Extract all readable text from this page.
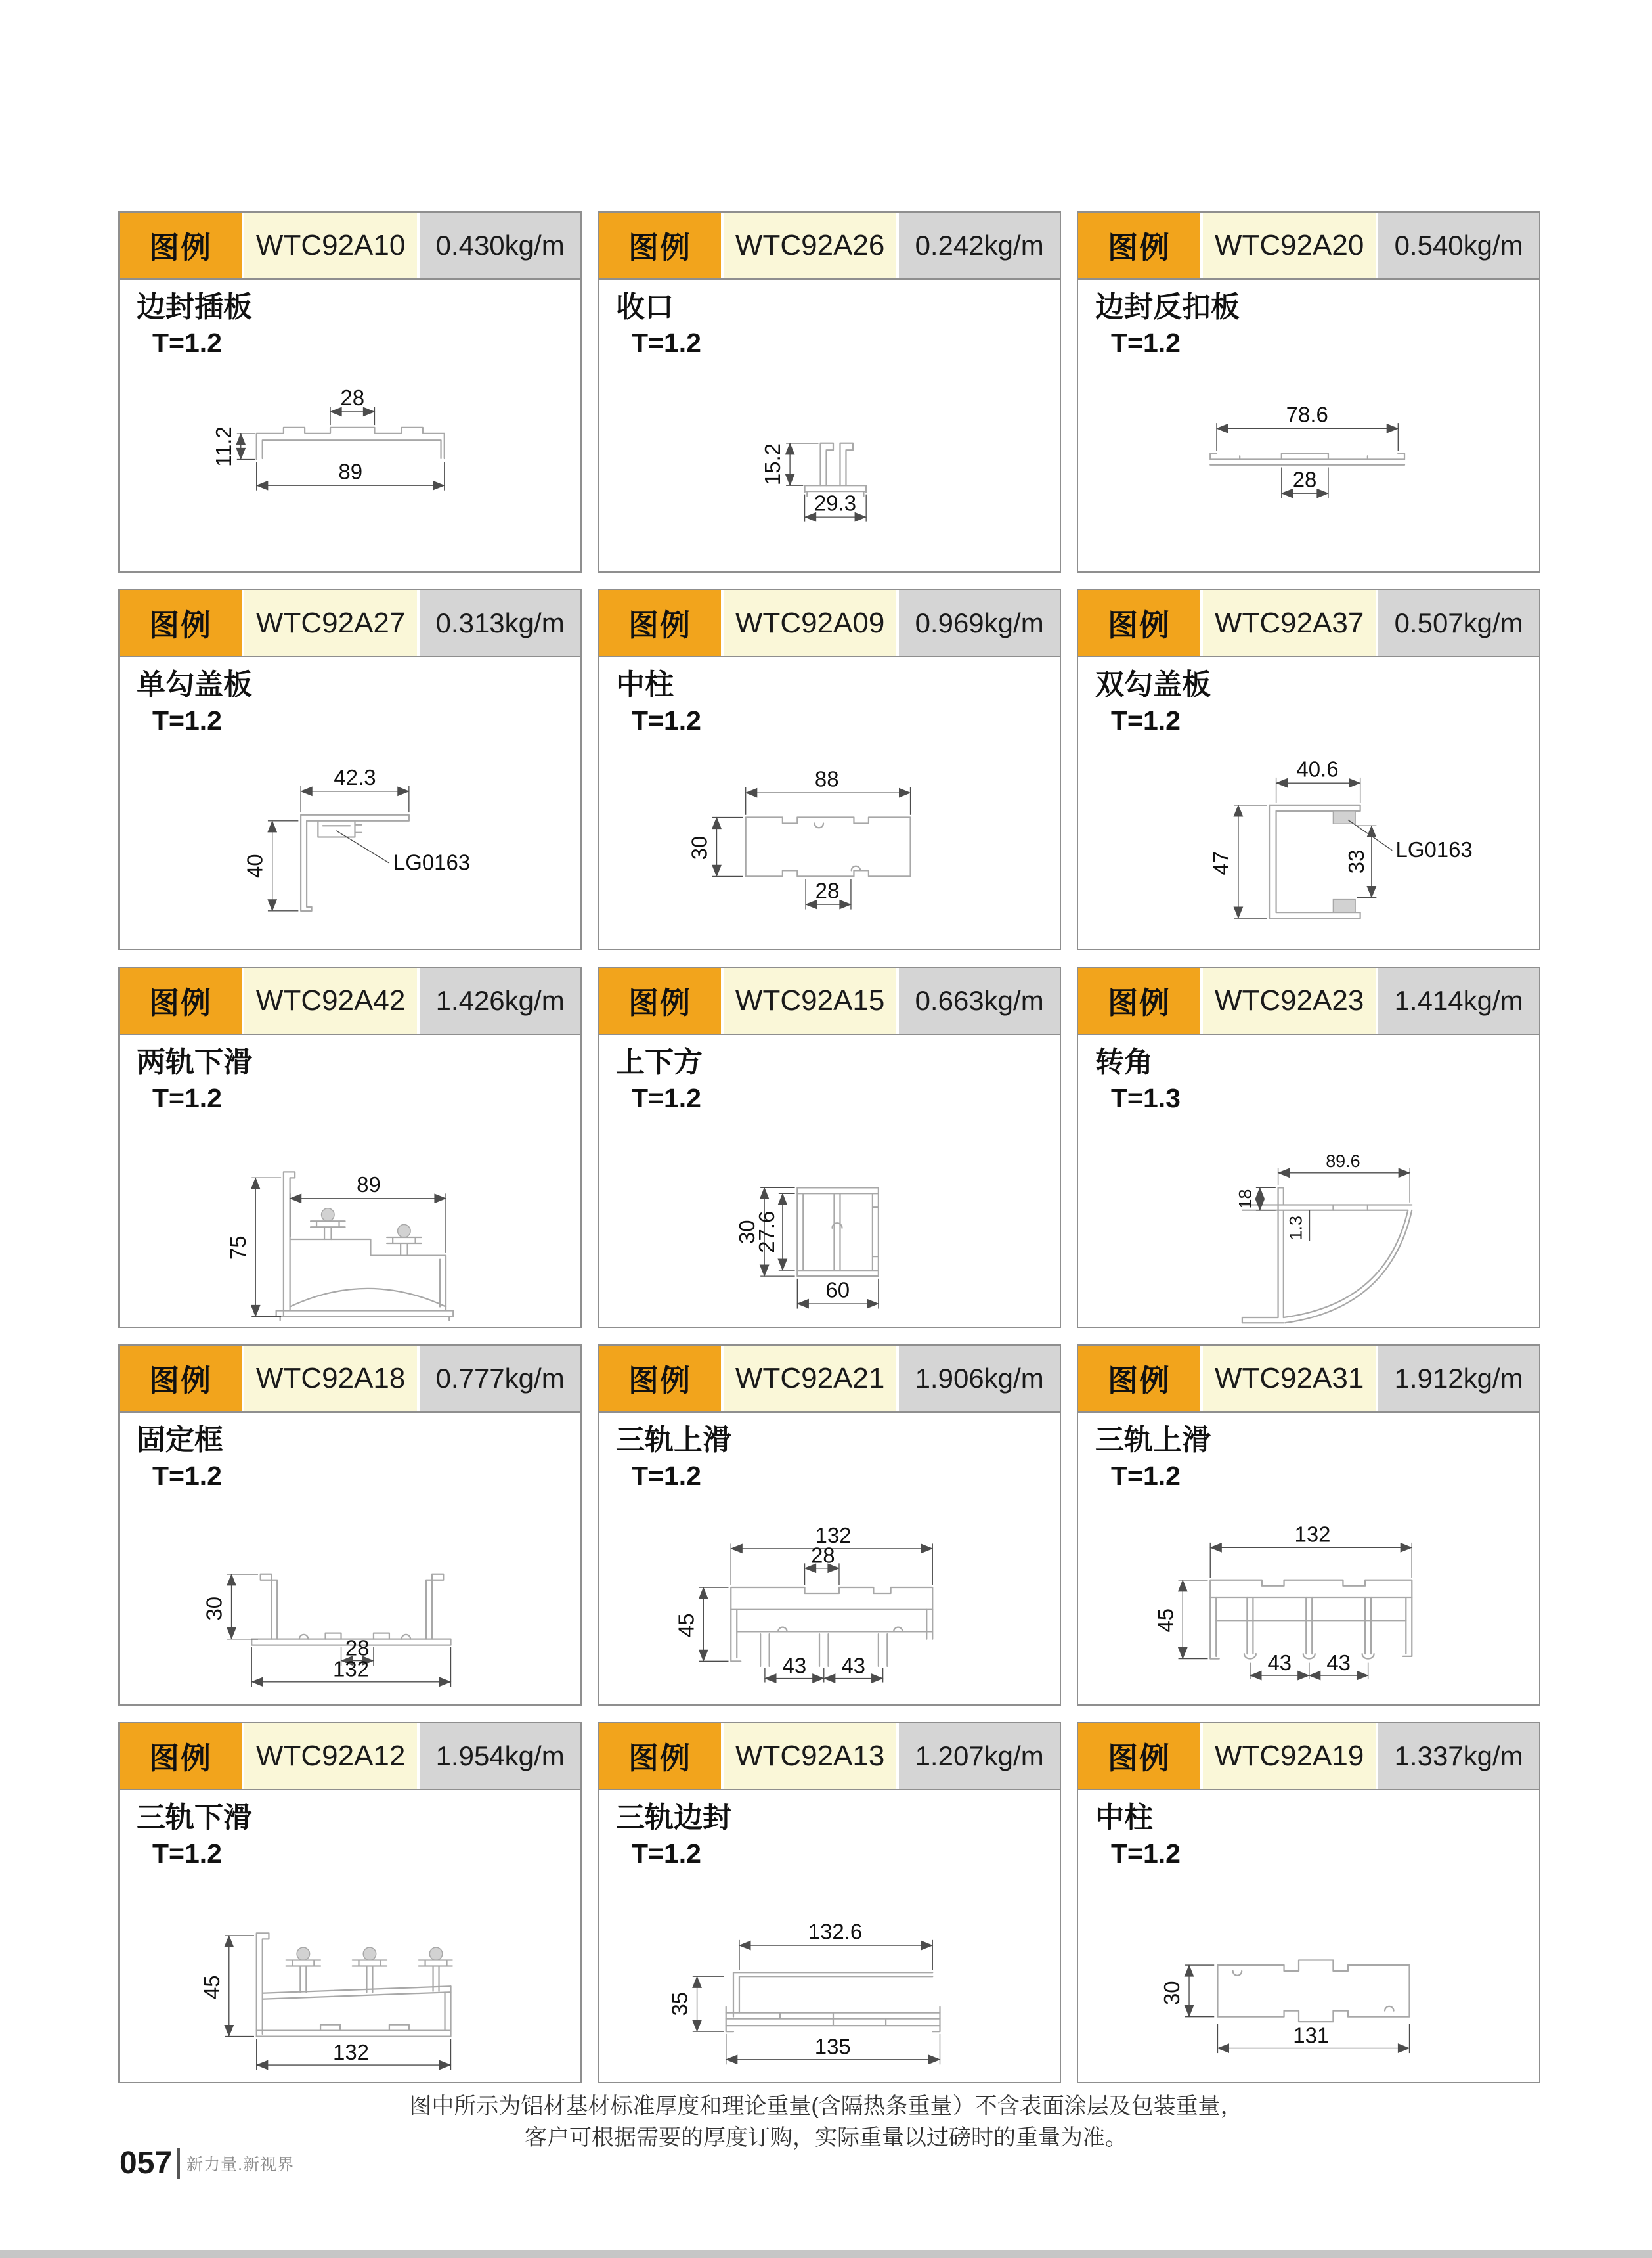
图例 WTC92A10 0.430kg/m
边封插板
T=1.2
11.2
28
89
图例 WTC92A26 0.242kg/m
收口
T=1.2
15.2
29.3
图例 WTC92A20 0.540kg/m
边封反扣板
T=1.2
78.6
28
图例 WTC92A27 0.313kg/m
单勾盖板
T=1.2
42.3
40	LG0163
图例 WTC92A09 0.969kg/m
中柱
T=1.2
88
30
28
图例 WTC92A37 0.507kg/m
双勾盖板
T=1.2
40.6
47	33 LG0163
图例 WTC92A42 1.426kg/m
两轨下滑
T=1.2
89
75
图例 WTC92A15 0.663kg/m
上下方
T=1.2
30
27.6
60
图例 WTC92A23 1.414kg/m
转角
T=1.3
89.6
18
1.3
图例 WTC92A18 0.777kg/m
固定框
T=1.2
30
28
132
图例 WTC92A21 1.906kg/m
三轨上滑
T=1.2
132
28
45
43 43
图例 WTC92A31 1.912kg/m
三轨上滑
T=1.2
132
45
43 43
图例 WTC92A12 1.954kg/m
三轨下滑
T=1.2
45
132
图例 WTC92A13 1.207kg/m
三轨边封
T=1.2
132.6
35
135
图例 WTC92A19 1.337kg/m
中柱
T=1.2
30
131
图中所示为铝材基材标准厚度和理论重量(含隔热条重量）不含表面涂层及包装重量，
客户可根据需要的厚度订购，实际重量以过磅时的重量为准。
057 新力量.新视界
